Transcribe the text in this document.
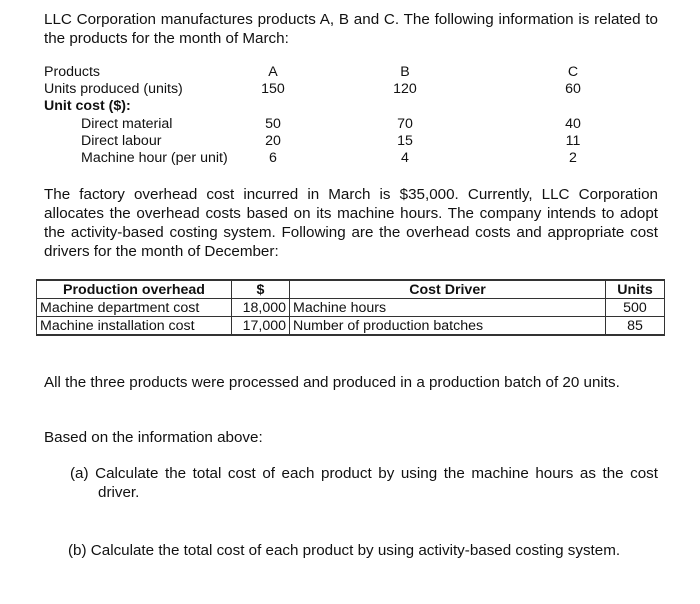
LLC Corporation manufactures products A, B and C. The following information is related to the products for the month of March:

Products	A	B	C
Units produced (units)	150	120	60
Unit cost ($):
Direct material	50	70	40
Direct labour	20	15	11
Machine hour (per unit)	6	4	2

The factory overhead cost incurred in March is $35,000. Currently, LLC Corporation allocates the overhead costs based on its machine hours. The company intends to adopt the activity-based costing system. Following are the overhead costs and appropriate cost drivers for the month of December:

Production overhead	$	Cost Driver	Units
Machine department cost	18,000	Machine hours	500
Machine installation cost	17,000	Number of production batches	85

All the three products were processed and produced in a production batch of 20 units.

Based on the information above:

(a) Calculate the total cost of each product by using the machine hours as the cost driver.

(b) Calculate the total cost of each product by using activity-based costing system.
